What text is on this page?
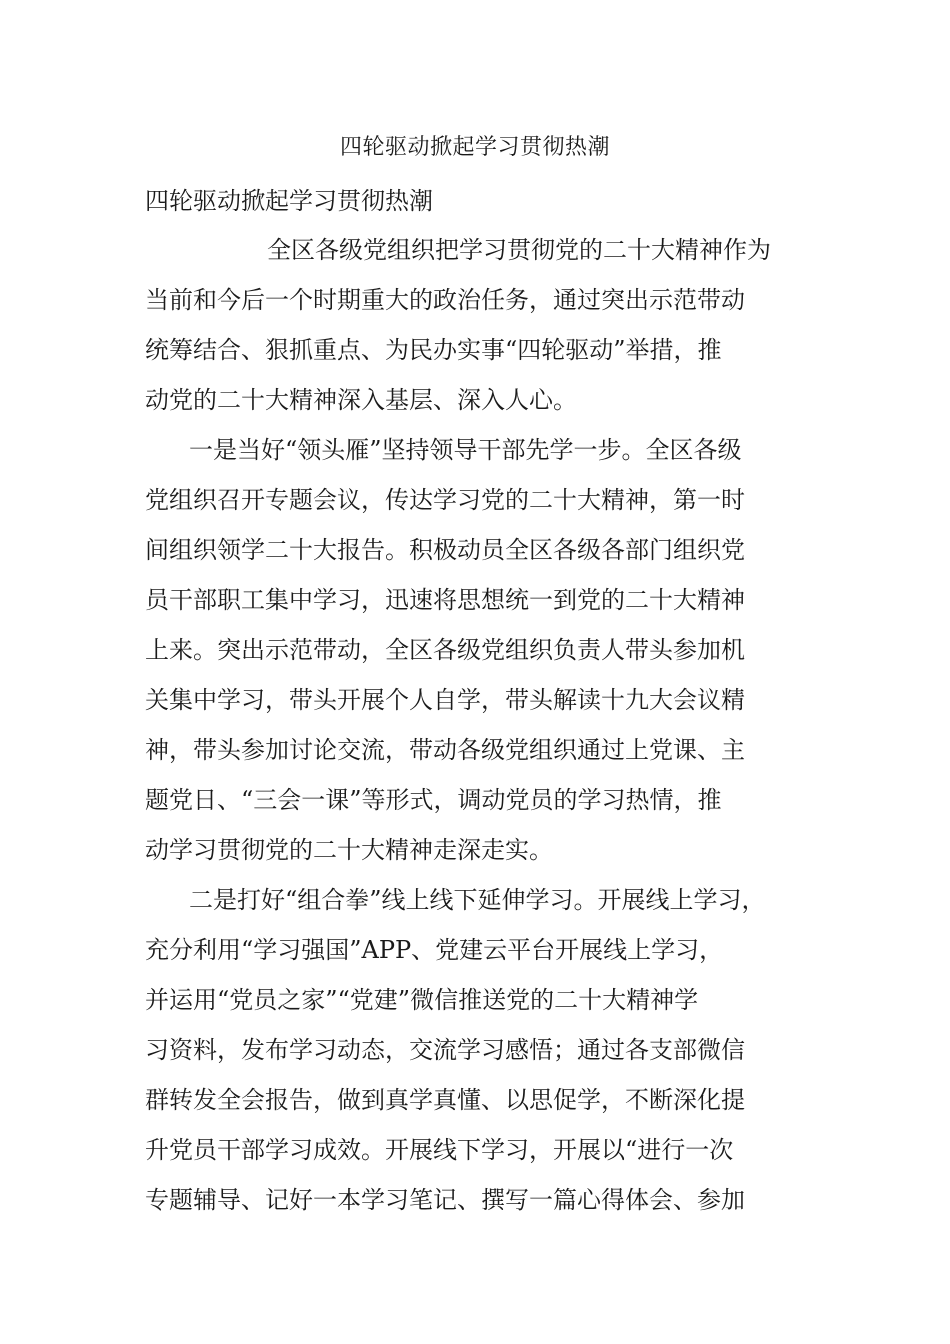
四轮驱动掀起学习贯彻热潮
四轮驱动掀起学习贯彻热潮
全区各级党组织把学习贯彻党的二十大精神作为
当前和今后一个时期重大的政治任务，通过突出示范带动
统筹结合、狠抓重点、为民办实事“四轮驱动”举措，推
动党的二十大精神深入基层、深入人心。
一是当好“领头雁”坚持领导干部先学一步。全区各级
党组织召开专题会议，传达学习党的二十大精神，第一时
间组织领学二十大报告。积极动员全区各级各部门组织党
员干部职工集中学习，迅速将思想统一到党的二十大精神
上来。突出示范带动，全区各级党组织负责人带头参加机
关集中学习，带头开展个人自学，带头解读十九大会议精
神，带头参加讨论交流，带动各级党组织通过上党课、主
题党日、“三会一课”等形式，调动党员的学习热情，推
动学习贯彻党的二十大精神走深走实。
二是打好“组合拳”线上线下延伸学习。开展线上学习，
充分利用“学习强国”APP、党建云平台开展线上学习，
并运用“党员之家”“党建”微信推送党的二十大精神学
习资料，发布学习动态，交流学习感悟；通过各支部微信
群转发全会报告，做到真学真懂、以思促学，不断深化提
升党员干部学习成效。开展线下学习，开展以“进行一次
专题辅导、记好一本学习笔记、撰写一篇心得体会、参加
